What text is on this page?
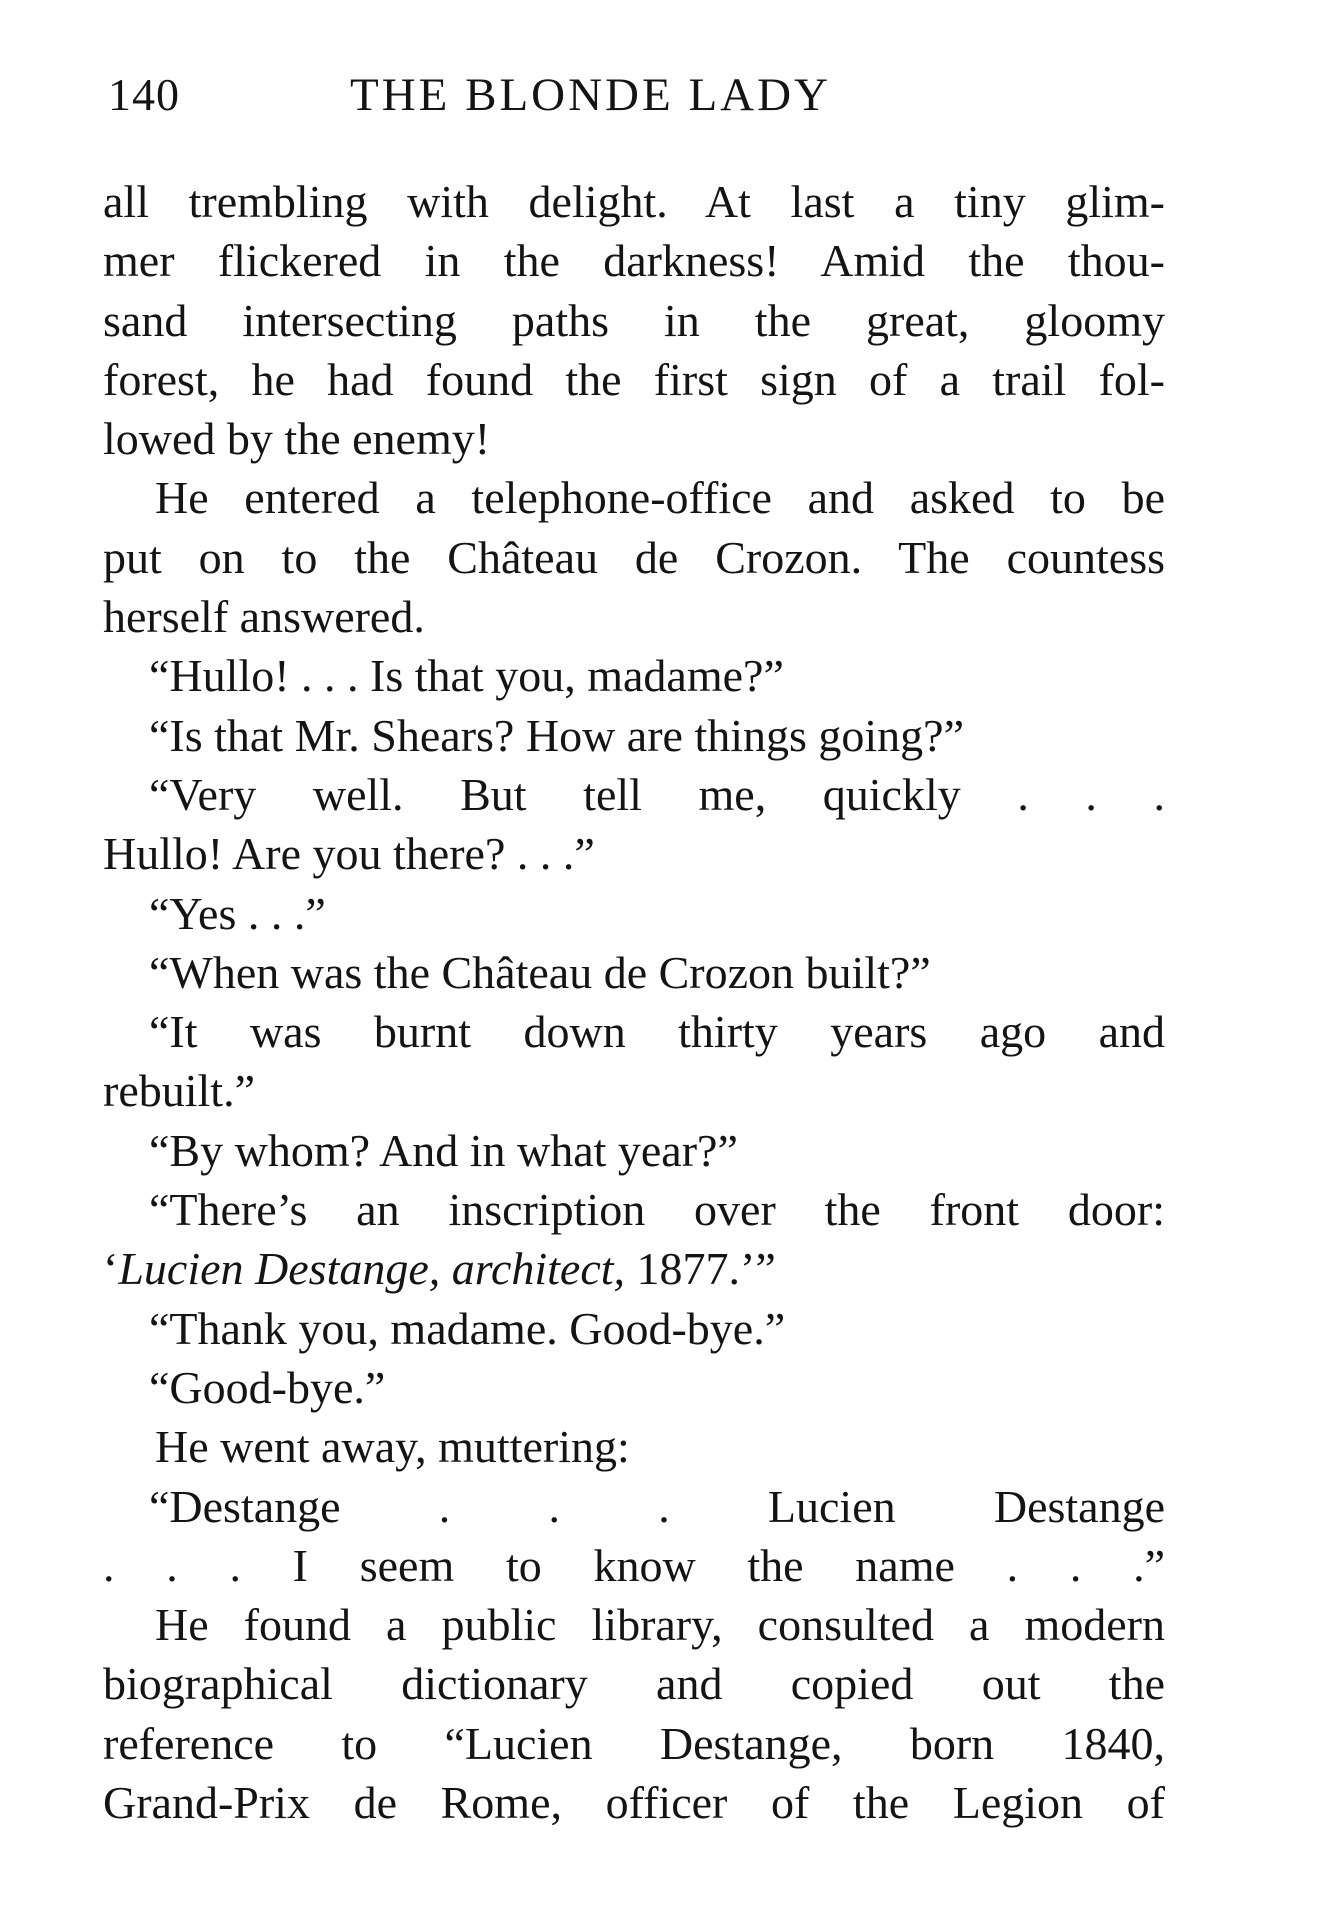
140	THE BLONDE LADY
all trembling with delight. At last a tiny glim-
mer flickered in the darkness! Amid the thou-
sand intersecting paths in the great, gloomy
forest, he had found the first sign of a trail fol-
lowed by the enemy!
He entered a telephone-office and asked to be
put on to the Château de Crozon. The countess
herself answered.
“Hullo! . . . Is that you, madame?”
“Is that Mr. Shears? How are things going?”
“Very well. But tell me, quickly . . .
Hullo! Are you there? . . .”
“Yes . . .”
“When was the Château de Crozon built?”
“It was burnt down thirty years ago and
rebuilt.”
“By whom? And in what year?”
“There’s an inscription over the front door:
‘Lucien Destange, architect, 1877.’”
“Thank you, madame. Good-bye.”
“Good-bye.”
He went away, muttering:
“Destange . . . Lucien Destange
. . . I seem to know the name . . .”
He found a public library, consulted a modern
biographical dictionary and copied out the
reference to “Lucien Destange, born 1840,
Grand-Prix de Rome, officer of the Legion of
